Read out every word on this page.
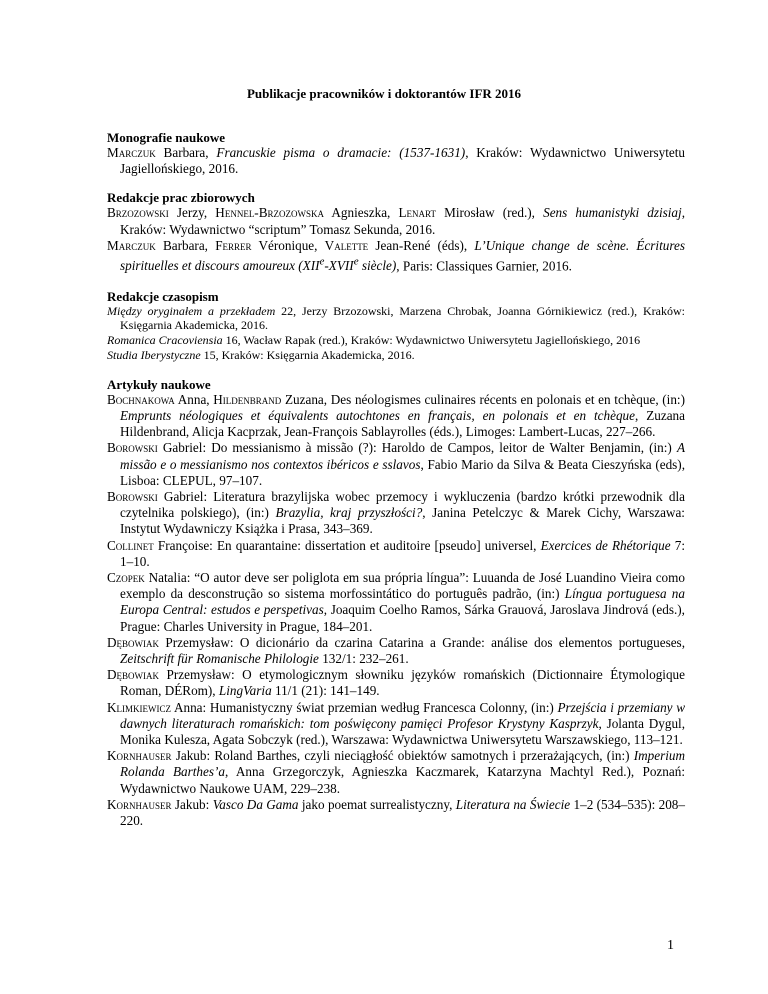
Publikacje pracowników i doktorantów IFR 2016

Monografie naukowe

Marczuk Barbara, Francuskie pisma o dramacie: (1537-1631), Kraków: Wydawnictwo Uniwersytetu Jagiellońskiego, 2016.

Redakcje prac zbiorowych

Brzozowski Jerzy, Hennel-Brzozowska Agnieszka, Lenart Mirosław (red.), Sens humanistyki dzisiaj, Kraków: Wydawnictwo “scriptum” Tomasz Sekunda, 2016.

Marczuk Barbara, Ferrer Véronique, Valette Jean-René (éds), L’Unique change de scène. Écritures spirituelles et discours amoureux (XIIe-XVIIe siècle), Paris: Classiques Garnier, 2016.

Redakcje czasopism

Między oryginałem a przekładem 22, Jerzy Brzozowski, Marzena Chrobak, Joanna Górnikiewicz (red.), Kraków: Księgarnia Akademicka, 2016.

Romanica Cracoviensia 16, Wacław Rapak (red.), Kraków: Wydawnictwo Uniwersytetu Jagiellońskiego, 2016

Studia Iberystyczne 15, Kraków: Księgarnia Akademicka, 2016.

Artykuły naukowe

Bochnakowa Anna, Hildenbrand Zuzana, Des néologismes culinaires récents en polonais et en tchèque, (in:) Emprunts néologiques et équivalents autochtones en français, en polonais et en tchèque, Zuzana Hildenbrand, Alicja Kacprzak, Jean-François Sablayrolles (éds.), Limoges: Lambert-Lucas, 227–266.

Borowski Gabriel: Do messianismo à missão (?): Haroldo de Campos, leitor de Walter Benjamin, (in:) A missão e o messianismo nos contextos ibéricos e sslavos, Fabio Mario da Silva & Beata Cieszyńska (eds), Lisboa: CLEPUL, 97–107.

Borowski Gabriel: Literatura brazylijska wobec przemocy i wykluczenia (bardzo krótki przewodnik dla czytelnika polskiego), (in:) Brazylia, kraj przyszłości?, Janina Petelczyc & Marek Cichy, Warszawa: Instytut Wydawniczy Książka i Prasa, 343–369.

Collinet Françoise: En quarantaine: dissertation et auditoire [pseudo] universel, Exercices de Rhétorique 7: 1–10.

Czopek Natalia: “O autor deve ser poliglota em sua própria língua”: Luuanda de José Luandino Vieira como exemplo da desconstrução so sistema morfossintático do português padrão, (in:) Língua portuguesa na Europa Central: estudos e perspetivas, Joaquim Coelho Ramos, Sárka Grauová, Jaroslava Jindrová (eds.), Prague: Charles University in Prague, 184–201.

Dębowiak Przemysław: O dicionário da czarina Catarina a Grande: análise dos elementos portugueses, Zeitschrift für Romanische Philologie 132/1: 232–261.

Dębowiak Przemysław: O etymologicznym słowniku języków romańskich (Dictionnaire Étymologique Roman, DÉRom), LingVaria 11/1 (21): 141–149.

Klimkiewicz Anna: Humanistyczny świat przemian według Francesca Colonny, (in:) Przejścia i przemiany w dawnych literaturach romańskich: tom poświęcony pamięci Profesor Krystyny Kasprzyk, Jolanta Dygul, Monika Kulesza, Agata Sobczyk (red.), Warszawa: Wydawnictwa Uniwersytetu Warszawskiego, 113–121.

Kornhauser Jakub: Roland Barthes, czyli nieciągłość obiektów samotnych i przerażających, (in:) Imperium Rolanda Barthes’a, Anna Grzegorczyk, Agnieszka Kaczmarek, Katarzyna Machtyl Red.), Poznań: Wydawnictwo Naukowe UAM, 229–238.

Kornhauser Jakub: Vasco Da Gama jako poemat surrealistyczny, Literatura na Świecie 1–2 (534–535): 208–220.

1
